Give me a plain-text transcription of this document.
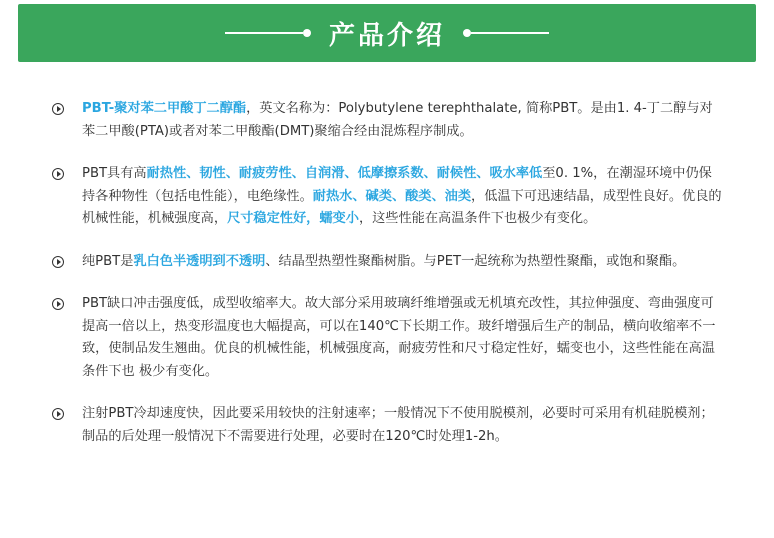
产品介绍
PBT-聚对苯二甲酸丁二醇酯，英文名称为：Polybutylene terephthalate, 简称PBT。是由1. 4-丁二醇与对苯二甲酸(PTA)或者对苯二甲酸酯(DMT)聚缩合经由混炼程序制成。
PBT具有高耐热性、韧性、耐疲劳性、自润滑、低摩擦系数、耐候性、吸水率低至0. 1%，在潮湿环境中仍保持各种物性（包括电性能），电绝缘性。耐热水、碱类、酸类、油类，低温下可迅速结晶，成型性良好。优良的机械性能，机械强度高，尺寸稳定性好，蠕变小，这些性能在高温条件下也极少有变化。
纯PBT是乳白色半透明到不透明、结晶型热塑性聚酯树脂。与PET一起统称为热塑性聚酯，或饱和聚酯。
PBT缺口冲击强度低，成型收缩率大。故大部分采用玻璃纤维增强或无机填充改性，其拉伸强度、弯曲强度可提高一倍以上，热变形温度也大幅提高，可以在140℃下长期工作。玻纤增强后生产的制品，横向收缩率不一致，使制品发生翘曲。优良的机械性能，机械强度高，耐疲劳性和尺寸稳定性好，蠕变也小，这些性能在高温条件下也 极少有变化。
注射PBT冷却速度快，因此要采用较快的注射速率；一般情况下不使用脱模剂，必要时可采用有机硅脱模剂；制品的后处理一般情况下不需要进行处理，必要时在120℃时处理1-2h。
